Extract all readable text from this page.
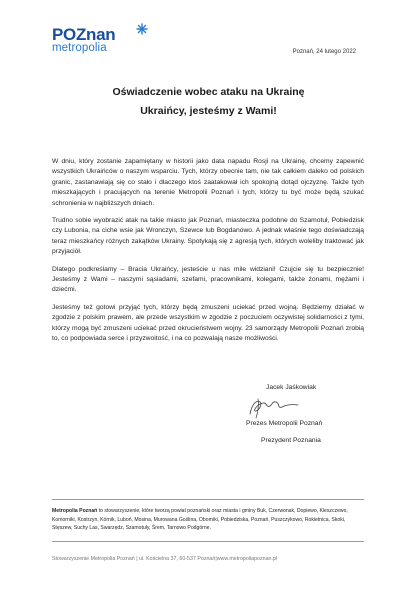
POZnan
metropolia	Poznań, 24 lutego 2022
Oświadczenie wobec ataku na Ukrainę
Ukraińcy, jesteśmy z Wami!

W dniu, który zostanie zapamiętany w historii jako data napadu Rosji na Ukrainę, chcemy zapewnić wszystkich Ukraińców o naszym wsparciu. Tych, którzy obecnie tam, nie tak całkiem daleko od polskich granic, zastanawiają się co stało i dlaczego ktoś zaatakował ich spokojną dotąd ojczyznę. Także tych mieszkających i pracujących na terenie Metropolii Poznań i tych, którzy tu być może będą szukać schronienia w najbliższych dniach.

Trudno sobie wyobrazić atak na takie miasto jak Poznań, miasteczka podobne do Szamotuł, Pobiedzisk czy Lubonia, na ciche wsie jak Wronczyn, Szewce lub Bogdanowo. A jednak właśnie tego doświadczają teraz mieszkańcy różnych zakątków Ukrainy. Spotykają się z agresją tych, których woleliby traktować jak przyjaciół.

Dlatego podkreślamy – Bracia Ukraińcy, jesteście u nas mile widziani! Czujcie się tu bezpiecznie! Jesteśmy z Wami – naszymi sąsiadami, szefami, pracownikami, kolegami, także żonami, mężami i dziećmi.

Jesteśmy też gotowi przyjąć tych, którzy będą zmuszeni uciekać przed wojną. Będziemy działać w zgodzie z polskim prawem, ale przede wszystkim w zgodzie z poczuciem oczywistej solidarności z tymi, którzy mogą być zmuszeni uciekać przed okrucieństwem wojny. 23 samorządy Metropolii Poznań zrobią to, co podpowiada serce i przyzwoitość, i na co pozwalają nasze możliwości.

Jacek Jaśkowiak
Prezes Metropolii Poznań
Prezydent Poznania
Metropolia Poznań to stowarzyszenie, które tworzą powiat poznański oraz miasta i gminy Buk, Czerwonak, Dopiewo, Kleszczewo, Komorniki, Kostrzyn, Kórnik, Luboń, Mosina, Murowana Goślina, Oborniki, Pobiedziska, Poznań, Puszczykowo, Rokietnica, Skoki, Stęszew, Suchy Las, Swarzędz, Szamotuły, Śrem, Tarnowo Podgórne.
Stowarzyszenie Metropolia Poznań | ul. Kościelna 37, 60-537 Poznań|www.metropoliapoznan.pl
